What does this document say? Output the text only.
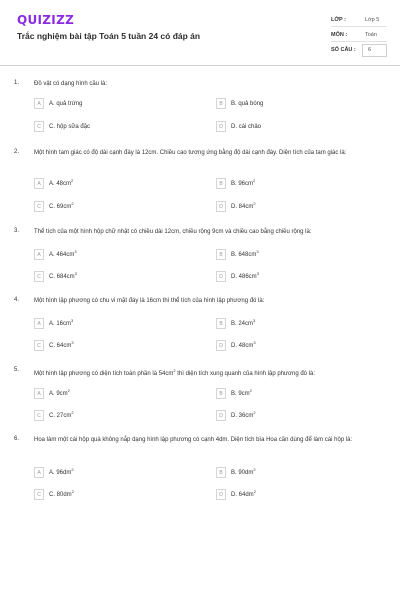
QUIZIZZ
Trắc nghiệm bài tập Toán 5 tuần 24 có đáp án
LỚP :	Lớp 5
MÔN :	Toán
SỐ CÂU : 6
1. Đồ vật có dạng hình cầu là:
A	A. quả trứng	B	B. quả bóng
C	C. hộp sữa đặc	D	D. cái chảo
2. Một hình tam giác có độ dài cạnh đáy là 12cm. Chiều cao tương ứng bằng độ dài cạnh đáy. Diện tích của tam giác là:
A	A. $48cm^2$
B	B. $96cm^2$
C	C. $69cm^2$
D	D. $84cm^2$
3. Thể tích của một hình hộp chữ nhật có chiều dài 12cm, chiều rộng 9cm và chiều cao bằng chiều rộng là:
A	A. $464cm^3$
B	B. $648cm^3$
C	C. $684cm^3$
D	D. $486cm^3$
4. Một hình lập phương có chu vi mặt đáy là 16cm thì thể tích của hình lập phương đó là:
A	A. $16cm^3$
B	B. $24cm^3$
C	C. $64cm^3$
D	D. $48cm^3$
5.
Một hình lập phương có diện tích toàn phần là $54cm^2$ thì diện tích xung quanh của hình lập phương đó là:
A	A. $9cm^2$
B	B. $9cm^2$
C	C. $27cm^2$
D	D. $36cm^2$
6. Hoa làm một cái hộp quà không nắp dạng hình lập phương có cạnh 4dm. Diện tích bìa Hoa cần dùng để làm cái hộp là:
A	A. $96dm^2$
B	B. $90dm^2$
C	C. $80dm^2$
D	D. $64dm^2$
